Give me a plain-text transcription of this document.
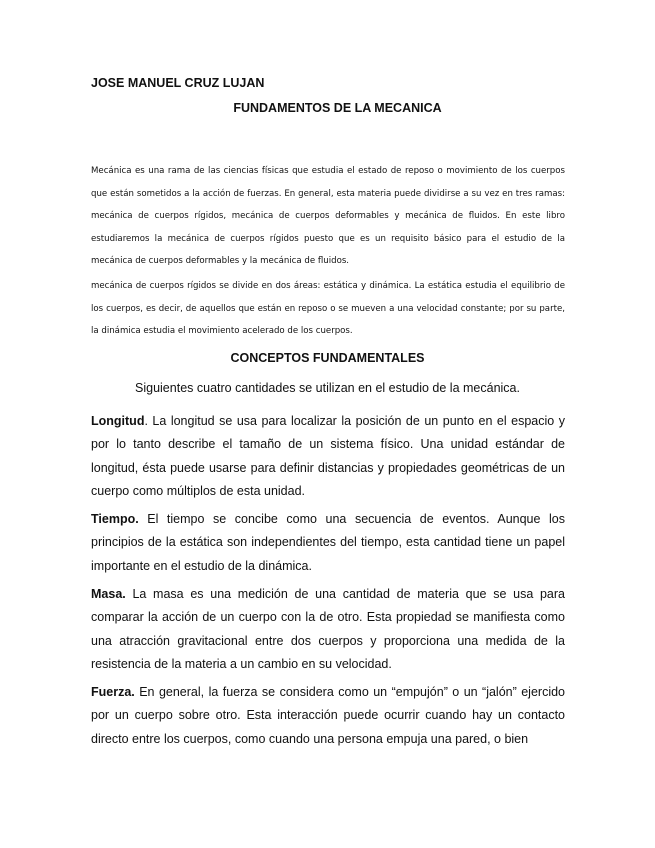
JOSE MANUEL CRUZ LUJAN
FUNDAMENTOS DE LA MECANICA

Mecánica es una rama de las ciencias físicas que estudia el estado de reposo o movimiento de los cuerpos que están sometidos a la acción de fuerzas. En general, esta materia puede dividirse a su vez en tres ramas: mecánica de cuerpos rígidos, mecánica de cuerpos deformables y mecánica de fluidos. En este libro estudiaremos la mecánica de cuerpos rígidos puesto que es un requisito básico para el estudio de la mecánica de cuerpos deformables y la mecánica de fluidos.

mecánica de cuerpos rígidos se divide en dos áreas: estática y dinámica. La estática estudia el equilibrio de los cuerpos, es decir, de aquellos que están en reposo o se mueven a una velocidad constante; por su parte, la dinámica estudia el movimiento acelerado de los cuerpos.

CONCEPTOS FUNDAMENTALES
Siguientes cuatro cantidades se utilizan en el estudio de la mecánica.

Longitud. La longitud se usa para localizar la posición de un punto en el espacio y por lo tanto describe el tamaño de un sistema físico. Una unidad estándar de longitud, ésta puede usarse para definir distancias y propiedades geométricas de un cuerpo como múltiplos de esta unidad.

Tiempo. El tiempo se concibe como una secuencia de eventos. Aunque los principios de la estática son independientes del tiempo, esta cantidad tiene un papel importante en el estudio de la dinámica.

Masa. La masa es una medición de una cantidad de materia que se usa para comparar la acción de un cuerpo con la de otro. Esta propiedad se manifiesta como una atracción gravitacional entre dos cuerpos y proporciona una medida de la resistencia de la materia a un cambio en su velocidad.

Fuerza. En general, la fuerza se considera como un “empujón” o un “jalón” ejercido por un cuerpo sobre otro. Esta interacción puede ocurrir cuando hay un contacto directo entre los cuerpos, como cuando una persona empuja una pared, o bien
